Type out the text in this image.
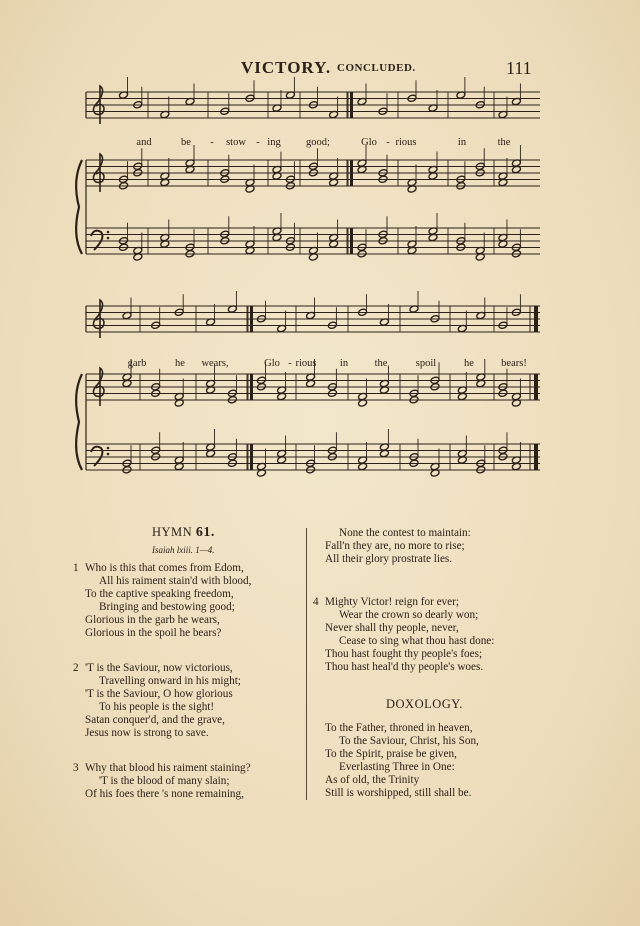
VICTORY. CONCLUDED.	111
and	be - stow - ing good;	Glo - rious	in	the
garb	he wears,	Glo - rious in	the	spoil	he	bears!
HYMN 61.
Isaiah lxiii. 1—4.
Who is this that comes from Edom,
All his raiment stain'd with blood,
To the captive speaking freedom,
Bringing and bestowing good;
Glorious in the garb he wears,
Glorious in the spoil he bears?
1
'T is the Saviour, now victorious,
Travelling onward in his might;
'T is the Saviour, O how glorious
To his people is the sight!
Satan conquer'd, and the grave,
Jesus now is strong to save.
2
Why that blood his raiment staining?
'T is the blood of many slain;
Of his foes there 's none remaining,
3
None the contest to maintain:
Fall'n they are, no more to rise;
All their glory prostrate lies.
Mighty Victor! reign for ever;
Wear the crown so dearly won;
Never shall thy people, never,
Cease to sing what thou hast done:
Thou hast fought thy people's foes;
Thou hast heal'd thy people's woes.
4
DOXOLOGY.
To the Father, throned in heaven,
To the Saviour, Christ, his Son,
To the Spirit, praise be given,
Everlasting Three in One:
As of old, the Trinity
Still is worshipped, still shall be.
